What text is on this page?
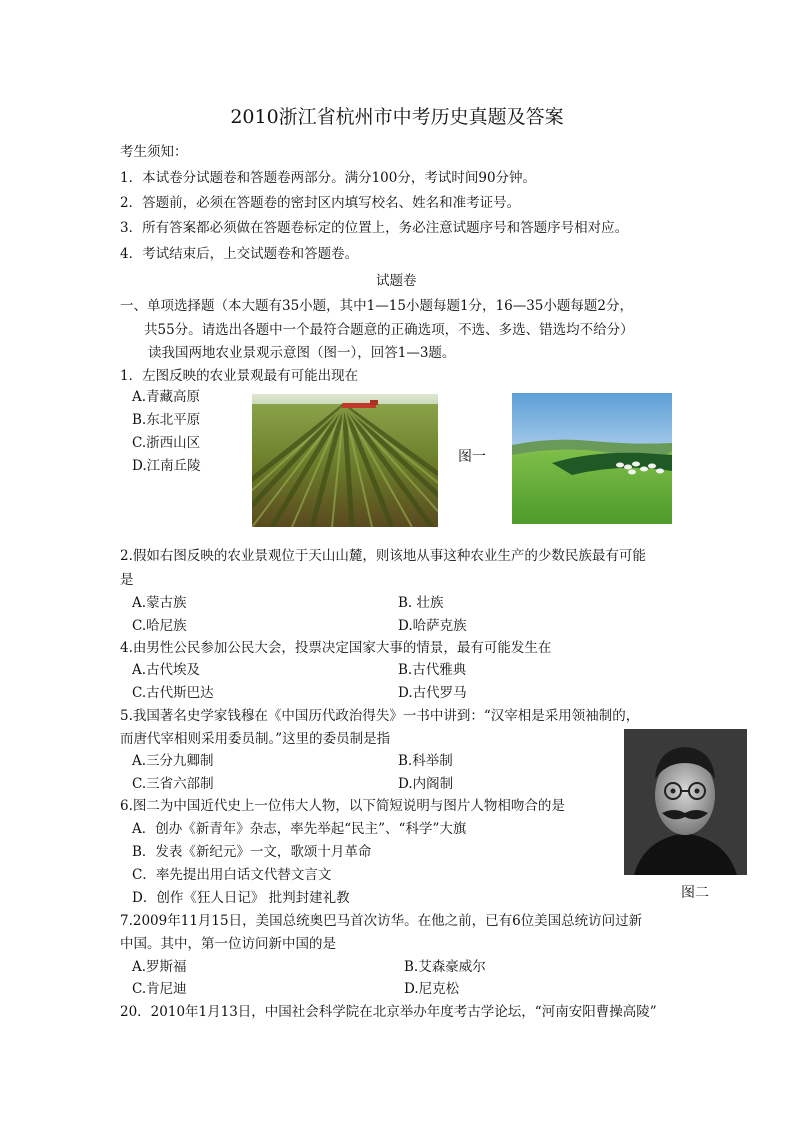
2010浙江省杭州市中考历史真题及答案
考生须知：
1．本试卷分试题卷和答题卷两部分。满分100分，考试时间90分钟。
2．答题前，必须在答题卷的密封区内填写校名、姓名和准考证号。
3．所有答案都必须做在答题卷标定的位置上，务必注意试题序号和答题序号相对应。
4．考试结束后，上交试题卷和答题卷。
试题卷
一、单项选择题（本大题有35小题，其中1—15小题每题1分，16—35小题每题2分，
共55分。请选出各题中一个最符合题意的正确选项，不选、多选、错选均不给分）
读我国两地农业景观示意图（图一），回答1—3题。
1．左图反映的农业景观最有可能出现在
A.青藏高原
B.东北平原
C.浙西山区
D.江南丘陵
图一
2.假如右图反映的农业景观位于天山山麓，则该地从事这种农业生产的少数民族最有可能
是
A.蒙古族	B. 壮族
C.哈尼族	D.哈萨克族
4.由男性公民参加公民大会，投票决定国家大事的情景，最有可能发生在
A.古代埃及	B.古代雅典
C.古代斯巴达	D.古代罗马
5.我国著名史学家钱穆在《中国历代政治得失》一书中讲到：“汉宰相是采用领袖制的，
而唐代宰相则采用委员制。”这里的委员制是指
A.三分九卿制	B.科举制
C.三省六部制	D.内阁制
6.图二为中国近代史上一位伟大人物，以下简短说明与图片人物相吻合的是
A．创办《新青年》杂志，率先举起“民主”、“科学”大旗
B．发表《新纪元》一文，歌颂十月革命
C．率先提出用白话文代替文言文
D．创作《狂人日记》 批判封建礼教	图二
7.2009年11月15日，美国总统奥巴马首次访华。在他之前，已有6位美国总统访问过新
中国。其中，第一位访问新中国的是
A.罗斯福	B.艾森豪威尔
C.肯尼迪	D.尼克松
20．2010年1月13日，中国社会科学院在北京举办年度考古学论坛，“河南安阳曹操高陵”
